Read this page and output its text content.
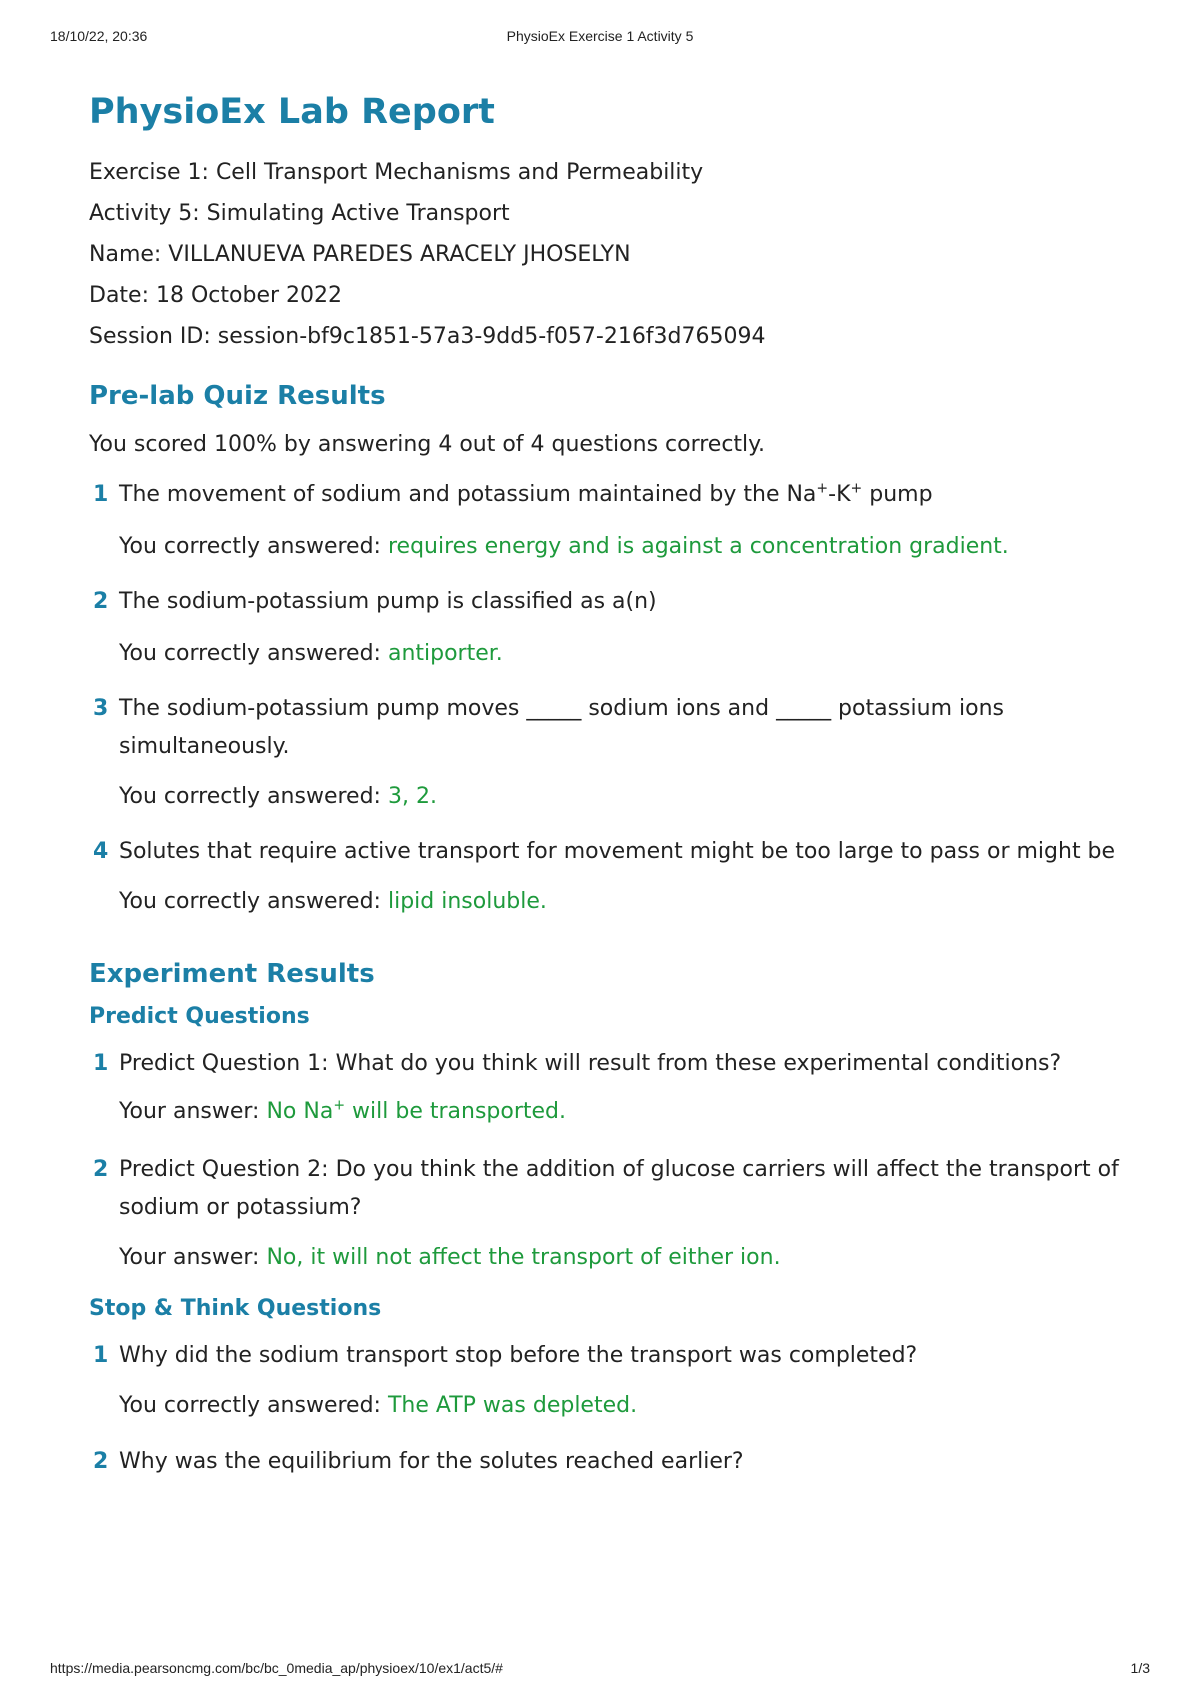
18/10/22, 20:36	PhysioEx Exercise 1 Activity 5
PhysioEx Lab Report
Exercise 1: Cell Transport Mechanisms and Permeability
Activity 5: Simulating Active Transport
Name: VILLANUEVA PAREDES ARACELY JHOSELYN
Date: 18 October 2022
Session ID: session-bf9c1851-57a3-9dd5-f057-216f3d765094
Pre-lab Quiz Results
You scored 100% by answering 4 out of 4 questions correctly.
1 The movement of sodium and potassium maintained by the Na+-K+ pump
You correctly answered: requires energy and is against a concentration gradient.
2 The sodium-potassium pump is classified as a(n)
You correctly answered: antiporter.
3 The sodium-potassium pump moves _____ sodium ions and _____ potassium ions simultaneously.
You correctly answered: 3, 2.
4 Solutes that require active transport for movement might be too large to pass or might be
You correctly answered: lipid insoluble.
Experiment Results
Predict Questions
1 Predict Question 1: What do you think will result from these experimental conditions?
Your answer: No Na+ will be transported.
2 Predict Question 2: Do you think the addition of glucose carriers will affect the transport of sodium or potassium?
Your answer: No, it will not affect the transport of either ion.
Stop & Think Questions
1 Why did the sodium transport stop before the transport was completed?
You correctly answered: The ATP was depleted.
2 Why was the equilibrium for the solutes reached earlier?
https://media.pearsoncmg.com/bc/bc_0media_ap/physioex/10/ex1/act5/#	1/3
